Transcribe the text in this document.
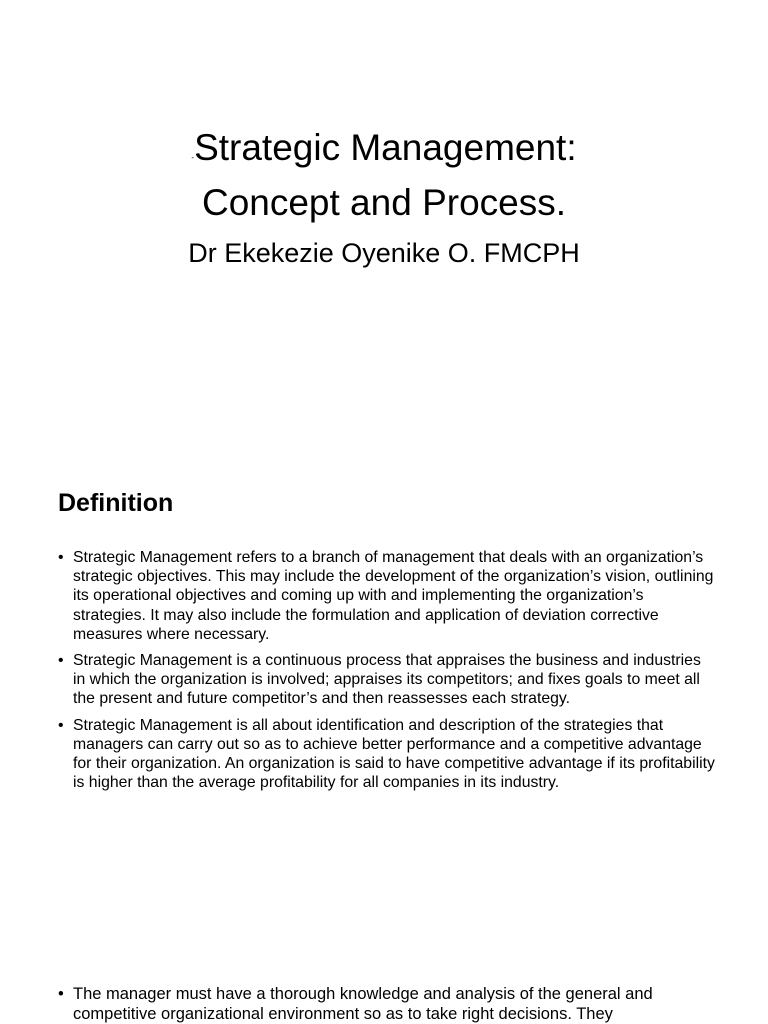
-Strategic Management:
Concept and Process.
Dr Ekekezie Oyenike O. FMCPH
Definition
• Strategic Management refers to a branch of management that deals with an organization’s strategic objectives. This may include the development of the organization’s vision, outlining its operational objectives and coming up with and implementing the organization’s strategies. It may also include the formulation and application of deviation corrective measures where necessary.
• Strategic Management is a continuous process that appraises the business and industries in which the organization is involved; appraises its competitors; and fixes goals to meet all the present and future competitor’s and then reassesses each strategy.
• Strategic Management is all about identification and description of the strategies that managers can carry out so as to achieve better performance and a competitive advantage for their organization. An organization is said to have competitive advantage if its profitability is higher than the average profitability for all companies in its industry.
• The manager must have a thorough knowledge and analysis of the general and competitive organizational environment so as to take right decisions. They
